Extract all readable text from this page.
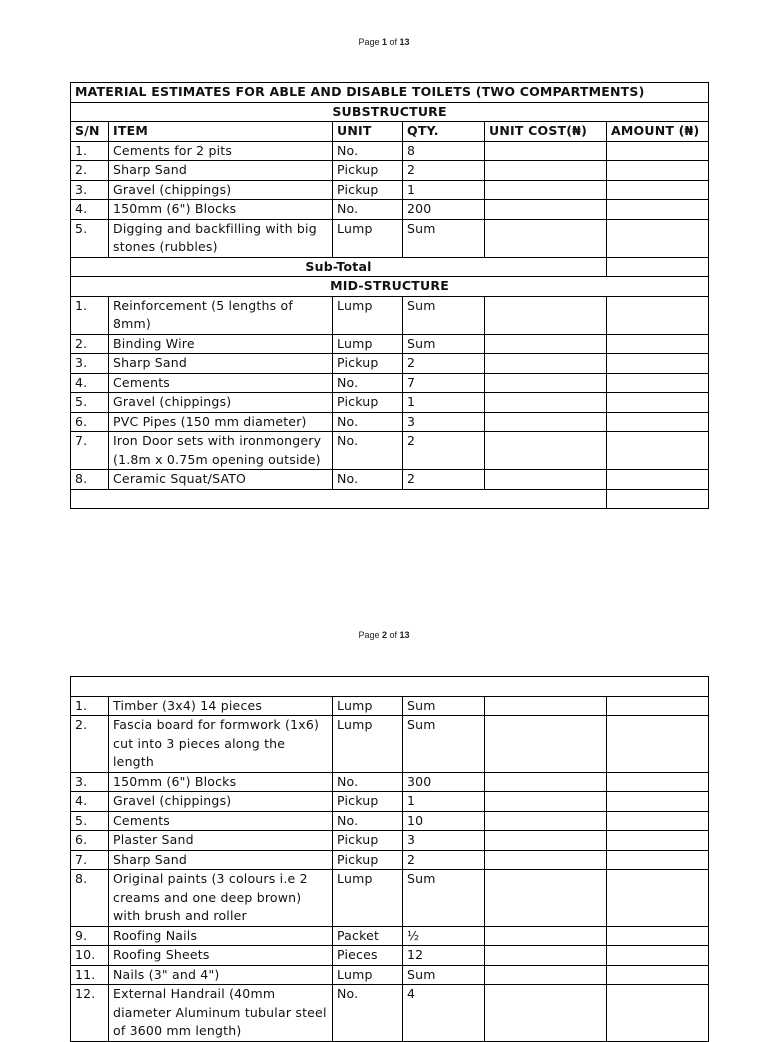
Page 1 of 13
MATERIAL ESTIMATES FOR ABLE AND DISABLE TOILETS (TWO COMPARTMENTS)					
SUBSTRUCTURE					
S/N	ITEM	UNIT	QTY.	UNIT COST(₦)	AMOUNT (₦)
1.	Cements for 2 pits	No.	8		
2.	Sharp Sand	Pickup	2		
3.	Gravel (chippings)	Pickup	1		
4.	150mm (6") Blocks	No.	200		
5.	Digging and backfilling with big stones (rubbles)	Lump	Sum		
Sub-Total					
MID-STRUCTURE					
1.	Reinforcement (5 lengths of 8mm)	Lump	Sum		
2.	Binding Wire	Lump	Sum		
3.	Sharp Sand	Pickup	2		
4.	Cements	No.	7		
5.	Gravel (chippings)	Pickup	1		
6.	PVC Pipes (150 mm diameter)	No.	3		
7.	Iron Door sets with ironmongery (1.8m x 0.75m opening outside)	No.	2		
8.	Ceramic Squat/SATO	No.	2		

Page 2 of 13

1.	Timber (3x4) 14 pieces	Lump	Sum		
2.	Fascia board for formwork (1x6) cut into 3 pieces along the length	Lump	Sum		
3.	150mm (6") Blocks	No.	300		
4.	Gravel (chippings)	Pickup	1		
5.	Cements	No.	10		
6.	Plaster Sand	Pickup	3		
7.	Sharp Sand	Pickup	2		
8.	Original paints (3 colours i.e 2 creams and one deep brown) with brush and roller	Lump	Sum		
9.	Roofing Nails	Packet	½		
10.	Roofing Sheets	Pieces	12		
11.	Nails (3" and 4")	Lump	Sum		
12.	External Handrail (40mm diameter Aluminum tubular steel of 3600 mm length)	No.	4		
